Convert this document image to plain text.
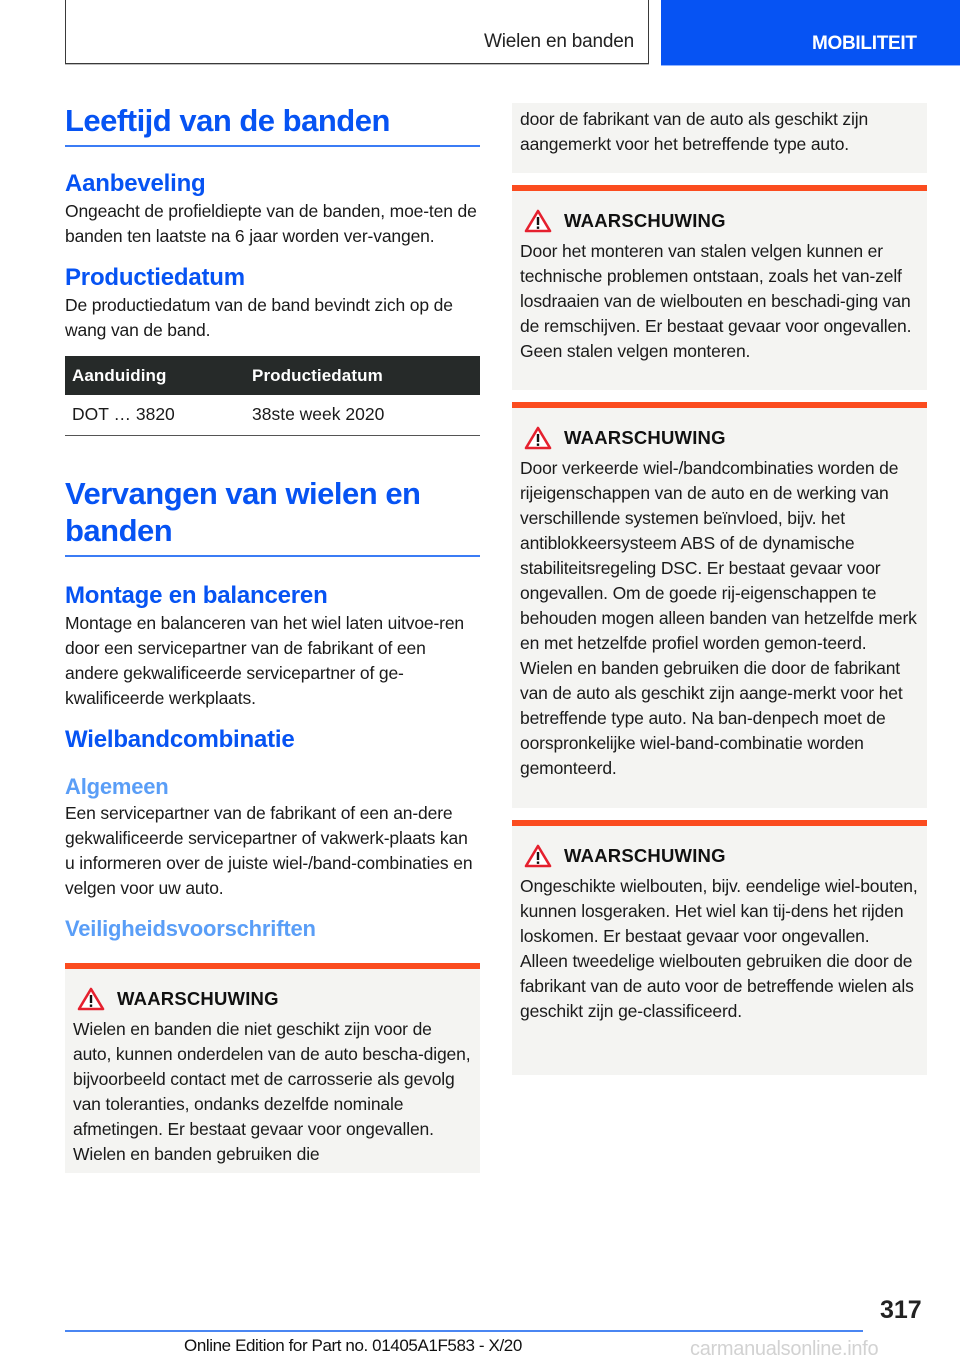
Wielen en banden	MOBILITEIT
Leeftijd van de banden
Aanbeveling
Ongeacht de profieldiepte van de banden, moe-ten de banden ten laatste na 6 jaar worden ver-vangen.
Productiedatum
De productiedatum van de band bevindt zich op de wang van de band.
Aanduiding	Productiedatum
DOT … 3820	38ste week 2020
Vervangen van wielen en banden
Montage en balanceren
Montage en balanceren van het wiel laten uitvoe-ren door een servicepartner van de fabrikant of een andere gekwalificeerde servicepartner of ge-kwalificeerde werkplaats.
Wielbandcombinatie
Algemeen
Een servicepartner van de fabrikant of een an-dere gekwalificeerde servicepartner of vakwerk-plaats kan u informeren over de juiste wiel-/band-combinaties en velgen voor uw auto.
Veiligheidsvoorschriften
WAARSCHUWING
Wielen en banden die niet geschikt zijn voor de auto, kunnen onderdelen van de auto bescha-digen, bijvoorbeeld contact met de carrosserie als gevolg van toleranties, ondanks dezelfde nominale afmetingen. Er bestaat gevaar voor ongevallen. Wielen en banden gebruiken die
door de fabrikant van de auto als geschikt zijn aangemerkt voor het betreffende type auto.
WAARSCHUWING
Door het monteren van stalen velgen kunnen er technische problemen ontstaan, zoals het van-zelf losdraaien van de wielbouten en beschadi-ging van de remschijven. Er bestaat gevaar voor ongevallen. Geen stalen velgen monteren.
WAARSCHUWING
Door verkeerde wiel-/bandcombinaties worden de rijeigenschappen van de auto en de werking van verschillende systemen beïnvloed, bijv. het antiblokkeersysteem ABS of de dynamische stabiliteitsregeling DSC. Er bestaat gevaar voor ongevallen. Om de goede rij-eigenschappen te behouden mogen alleen banden van hetzelfde merk en met hetzelfde profiel worden gemon-teerd. Wielen en banden gebruiken die door de fabrikant van de auto als geschikt zijn aange-merkt voor het betreffende type auto. Na ban-denpech moet de oorspronkelijke wiel-band-combinatie worden gemonteerd.
WAARSCHUWING
Ongeschikte wielbouten, bijv. eendelige wiel-bouten, kunnen losgeraken. Het wiel kan tij-dens het rijden loskomen. Er bestaat gevaar voor ongevallen. Alleen tweedelige wielbouten gebruiken die door de fabrikant van de auto voor de betreffende wielen als geschikt zijn ge-classificeerd.
317
Online Edition for Part no. 01405A1F583 - X/20	carmanualsonline.info
